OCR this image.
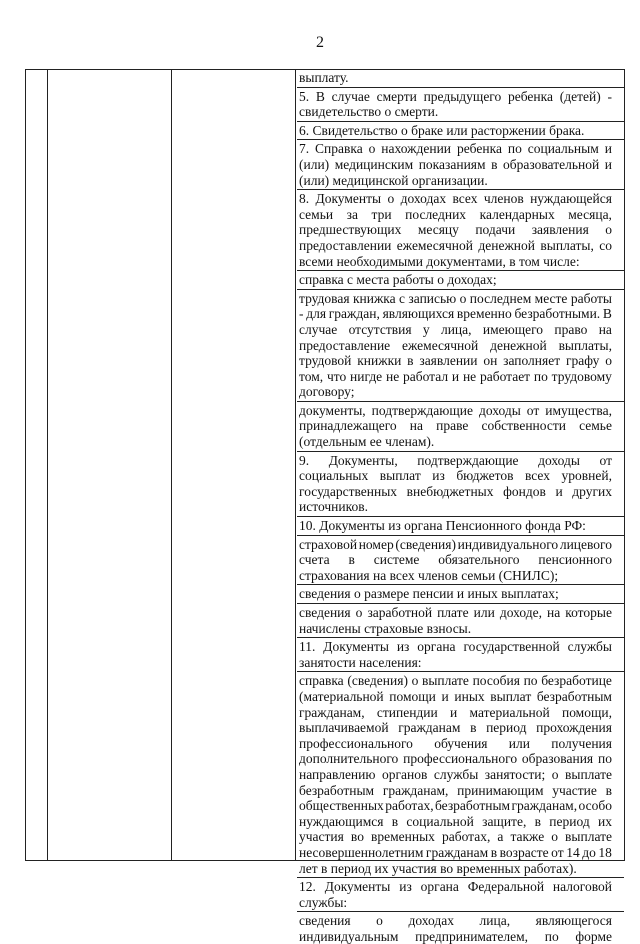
2
выплату.
5. В случае смерти предыдущего ребенка (детей) -
свидетельство о смерти.
6. Свидетельство о браке или расторжении брака.
7. Справка о нахождении ребенка по социальным и
(или) медицинским показаниям в образовательной и
(или) медицинской организации.
8. Документы о доходах всех членов нуждающейся
семьи за три последних календарных месяца,
предшествующих месяцу подачи заявления о
предоставлении ежемесячной денежной выплаты, со
всеми необходимыми документами, в том числе:
справка с места работы о доходах;
трудовая книжка с записью о последнем месте работы
- для граждан, являющихся временно безработными. В
случае отсутствия у лица, имеющего право на
предоставление ежемесячной денежной выплаты,
трудовой книжки в заявлении он заполняет графу о
том, что нигде не работал и не работает по трудовому
договору;
документы, подтверждающие доходы от имущества,
принадлежащего на праве собственности семье
(отдельным ее членам).
9. Документы, подтверждающие доходы от
социальных выплат из бюджетов всех уровней,
государственных внебюджетных фондов и других
источников.
10. Документы из органа Пенсионного фонда РФ:
страховой номер (сведения) индивидуального лицевого
счета в системе обязательного пенсионного
страхования на всех членов семьи (СНИЛС);
сведения о размере пенсии и иных выплатах;
сведения о заработной плате или доходе, на которые
начислены страховые взносы.
11. Документы из органа государственной службы
занятости населения:
справка (сведения) о выплате пособия по безработице
(материальной помощи и иных выплат безработным
гражданам, стипендии и материальной помощи,
выплачиваемой гражданам в период прохождения
профессионального обучения или получения
дополнительного профессионального образования по
направлению органов службы занятости; о выплате
безработным гражданам, принимающим участие в
общественных работах, безработным гражданам, особо
нуждающимся в социальной защите, в период их
участия во временных работах, а также о выплате
несовершеннолетним гражданам в возрасте от 14 до 18
лет в период их участия во временных работах).
12. Документы из органа Федеральной налоговой
службы:
сведения о доходах лица, являющегося
индивидуальным предпринимателем, по форме
